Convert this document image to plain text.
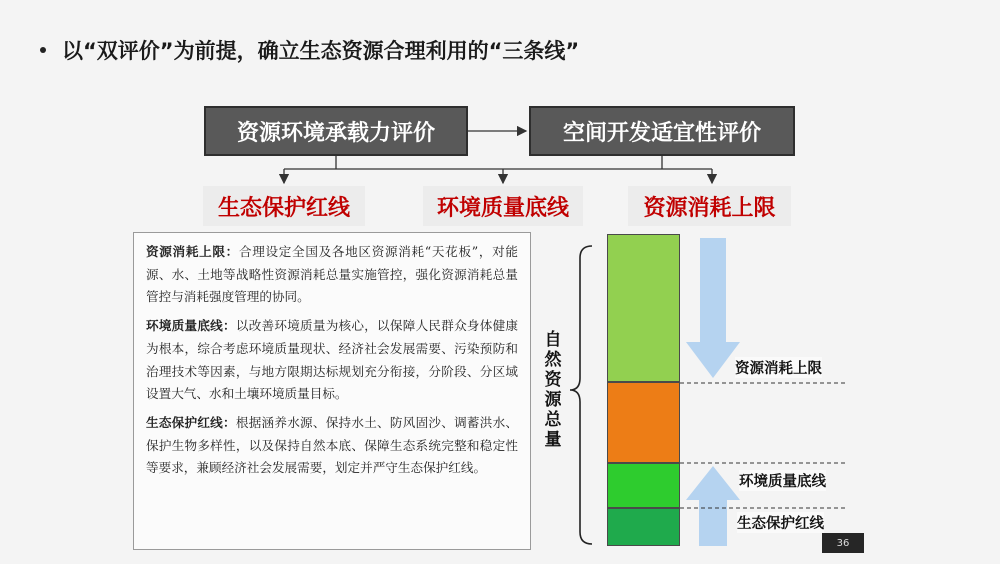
以“双评价”为前提，确立生态资源合理利用的“三条线”
资源环境承载力评价	空间开发适宜性评价
生态保护红线	环境质量底线	资源消耗上限

资源消耗上限：合理设定全国及各地区资源消耗“天花板”，对能源、水、土地等战略性资源消耗总量实施管控，强化资源消耗总量管控与消耗强度管理的协同。

环境质量底线：以改善环境质量为核心，以保障人民群众身体健康为根本，综合考虑环境质量现状、经济社会发展需要、污染预防和治理技术等因素，与地方限期达标规划充分衔接，分阶段、分区域设置大气、水和土壤环境质量目标。

生态保护红线：根据涵养水源、保持水土、防风固沙、调蓄洪水、保护生物多样性，以及保持自然本底、保障生态系统完整和稳定性等要求，兼顾经济社会发展需要，划定并严守生态保护红线。

自
然
资
源
总
量
资源消耗上限
环境质量底线
生态保护红线
36
